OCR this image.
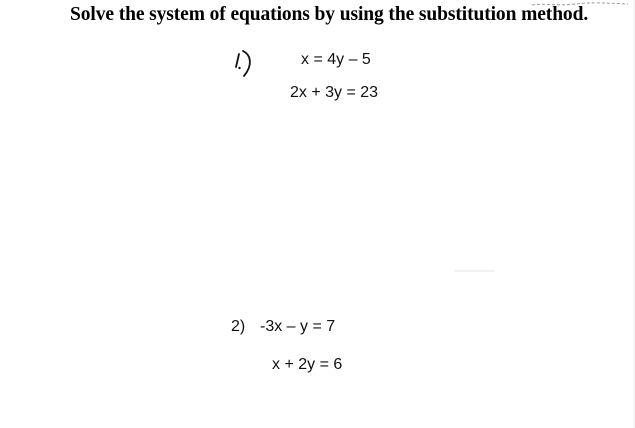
Solve the system of equations by using the substitution method.
x = 4y – 5
2x + 3y = 23
2) -3x – y = 7
x + 2y = 6
